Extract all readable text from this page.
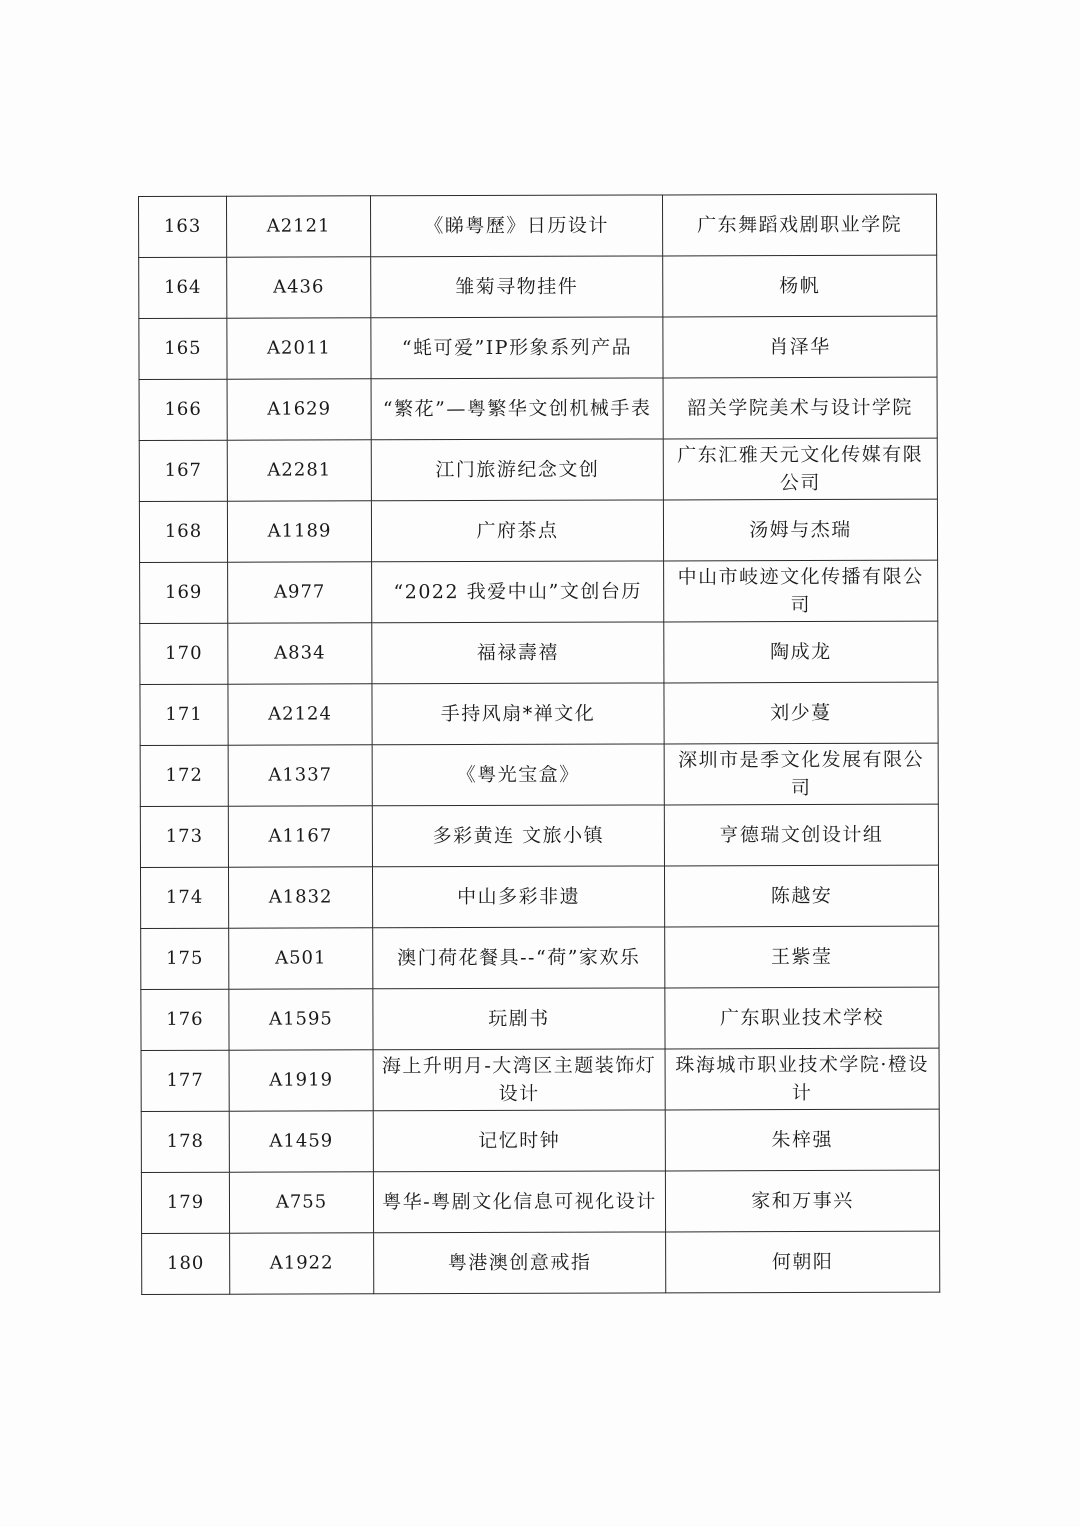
163	A2121	《睇粤歷》日历设计	广东舞蹈戏剧职业学院
164	A436	雏菊寻物挂件	杨帆
165	A2011	“蚝可爱”IP形象系列产品	肖泽华
166	A1629	“繁花”—粤繁华文创机械手表	韶关学院美术与设计学院
167	A2281	江门旅游纪念文创	广东汇雅天元文化传媒有限公司
168	A1189	广府茶点	汤姆与杰瑞
169	A977	“2022 我爱中山”文创台历	中山市岐迹文化传播有限公司
170	A834	福禄壽禧	陶成龙
171	A2124	手持风扇*禅文化	刘少蔓
172	A1337	《粤光宝盒》	深圳市是季文化发展有限公司
173	A1167	多彩黄连 文旅小镇	亨德瑞文创设计组
174	A1832	中山多彩非遗	陈越安
175	A501	澳门荷花餐具--“荷”家欢乐	王紫莹
176	A1595	玩剧书	广东职业技术学校
177	A1919	海上升明月-大湾区主题装饰灯设计	珠海城市职业技术学院·橙设计
178	A1459	记忆时钟	朱梓强
179	A755	粤华-粤剧文化信息可视化设计	家和万事兴
180	A1922	粤港澳创意戒指	何朝阳
